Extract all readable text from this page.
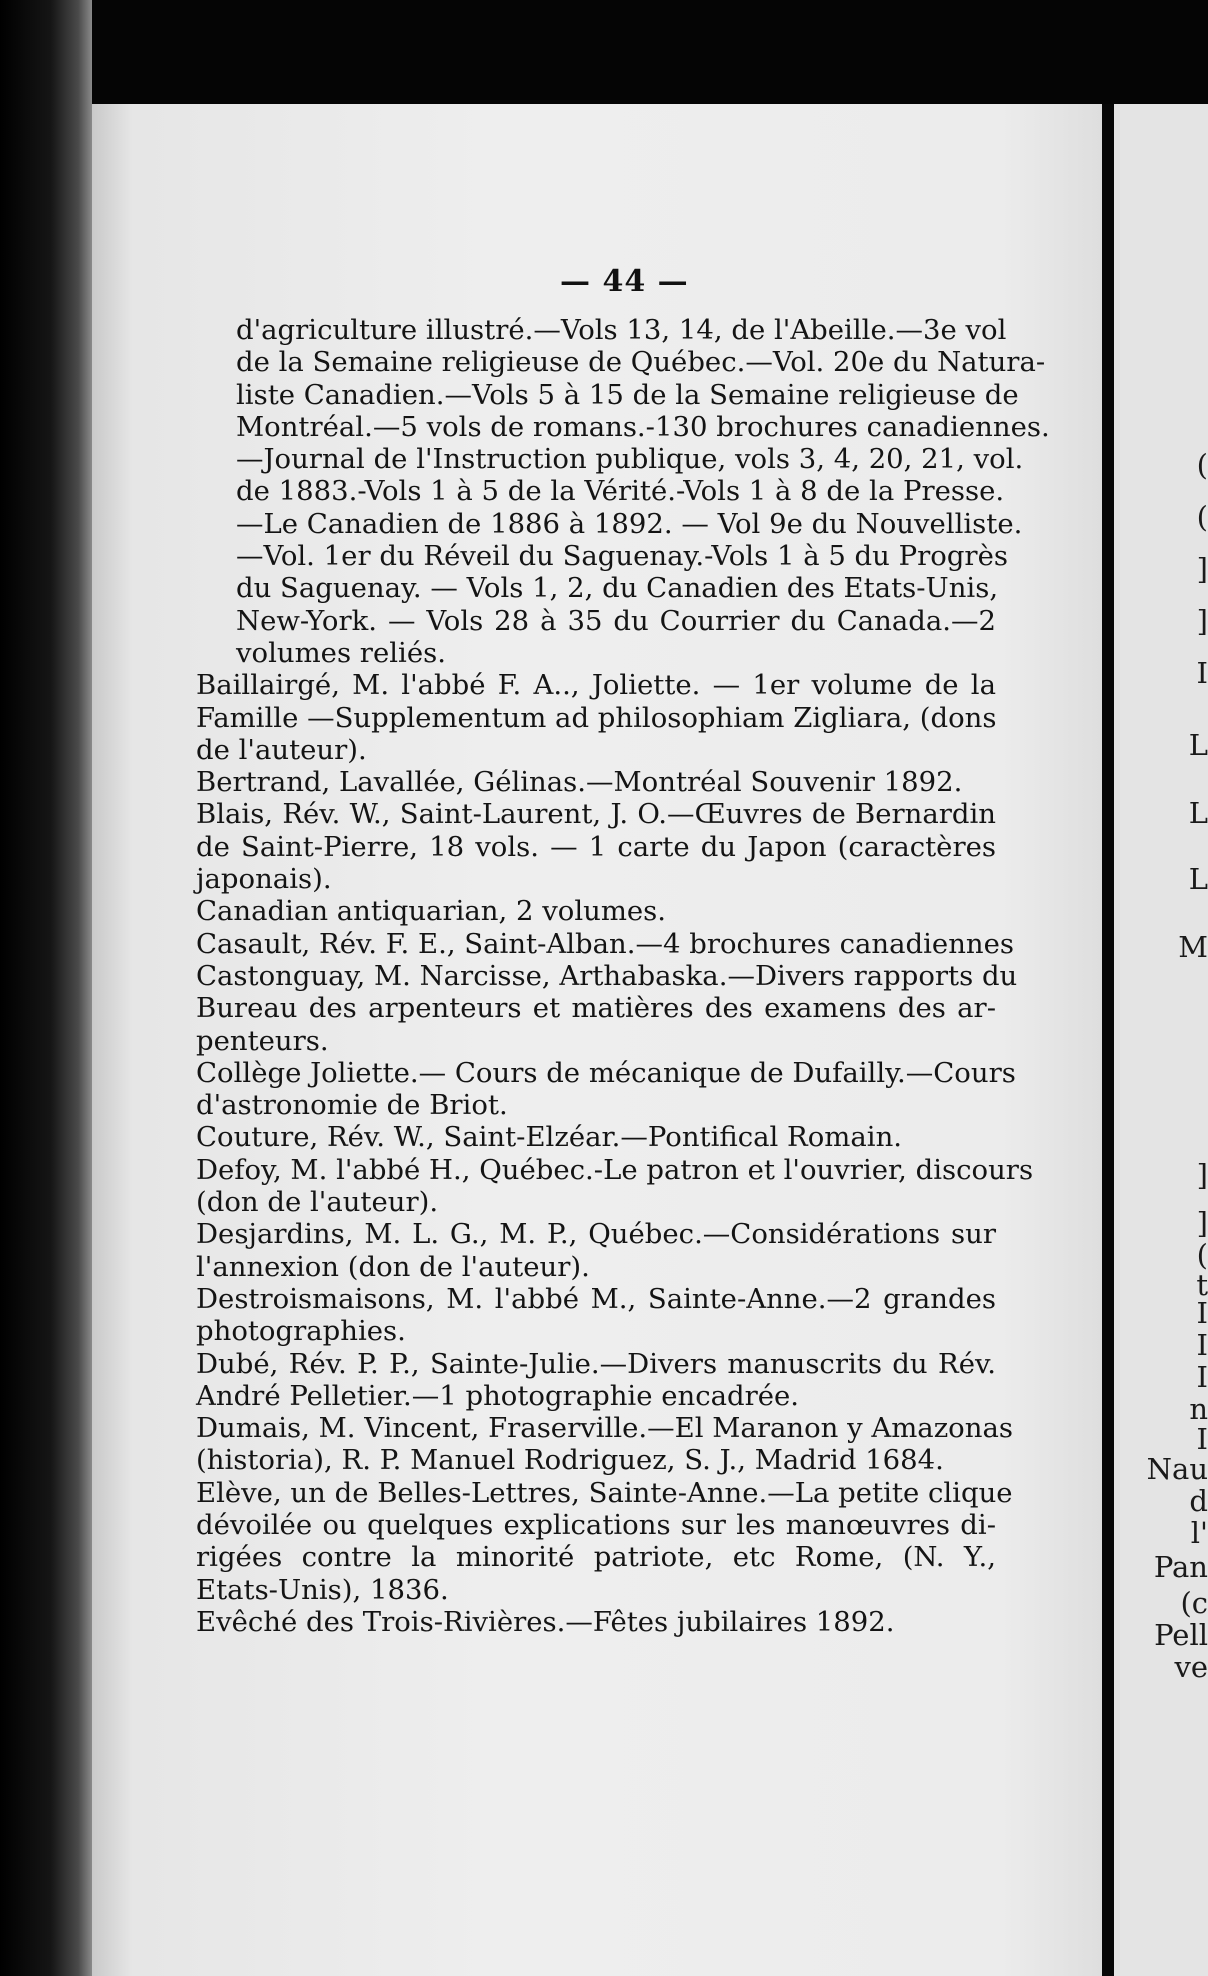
— 44 —
d'agriculture illustré.—Vols 13, 14, de l'Abeille.—3e vol
de la Semaine religieuse de Québec.—Vol. 20e du Natura-
liste Canadien.—Vols 5 à 15 de la Semaine religieuse de
Montréal.—5 vols de romans.-130 brochures canadiennes.
—Journal de l'Instruction publique, vols 3, 4, 20, 21, vol.
de 1883.-Vols 1 à 5 de la Vérité.-Vols 1 à 8 de la Presse.
—Le Canadien de 1886 à 1892. — Vol 9e du Nouvelliste.
—Vol. 1er du Réveil du Saguenay.-Vols 1 à 5 du Progrès
du Saguenay. — Vols 1, 2, du Canadien des Etats-Unis,
New-York. — Vols 28 à 35 du Courrier du Canada.—2
volumes reliés.
Baillairgé, M. l'abbé F. A.., Joliette. — 1er volume de la
Famille —Supplementum ad philosophiam Zigliara, (dons
de l'auteur).
Bertrand, Lavallée, Gélinas.—Montréal Souvenir 1892.
Blais, Rév. W., Saint-Laurent, J. O.—Œuvres de Bernardin
de Saint-Pierre, 18 vols. — 1 carte du Japon (caractères
japonais).
Canadian antiquarian, 2 volumes.
Casault, Rév. F. E., Saint-Alban.—4 brochures canadiennes
Castonguay, M. Narcisse, Arthabaska.—Divers rapports du
Bureau des arpenteurs et matières des examens des ar-
penteurs.
Collège Joliette.— Cours de mécanique de Dufailly.—Cours
d'astronomie de Briot.
Couture, Rév. W., Saint-Elzéar.—Pontifical Romain.
Defoy, M. l'abbé H., Québec.-Le patron et l'ouvrier, discours
(don de l'auteur).
Desjardins, M. L. G., M. P., Québec.—Considérations sur
l'annexion (don de l'auteur).
Destroismaisons, M. l'abbé M., Sainte-Anne.—2 grandes
photographies.
Dubé, Rév. P. P., Sainte-Julie.—Divers manuscrits du Rév.
André Pelletier.—1 photographie encadrée.
Dumais, M. Vincent, Fraserville.—El Maranon y Amazonas
(historia), R. P. Manuel Rodriguez, S. J., Madrid 1684.
Elève, un de Belles-Lettres, Sainte-Anne.—La petite clique
dévoilée ou quelques explications sur les manœuvres di-
rigées contre la minorité patriote, etc Rome, (N. Y.,
Etats-Unis), 1836.
Evêché des Trois-Rivières.—Fêtes jubilaires 1892.
(
(
]
]
I
L
L
L
M
]
]
(
t
I
I
I
n
I
Nau
d
l'
Pan
(c
Pell
ve
